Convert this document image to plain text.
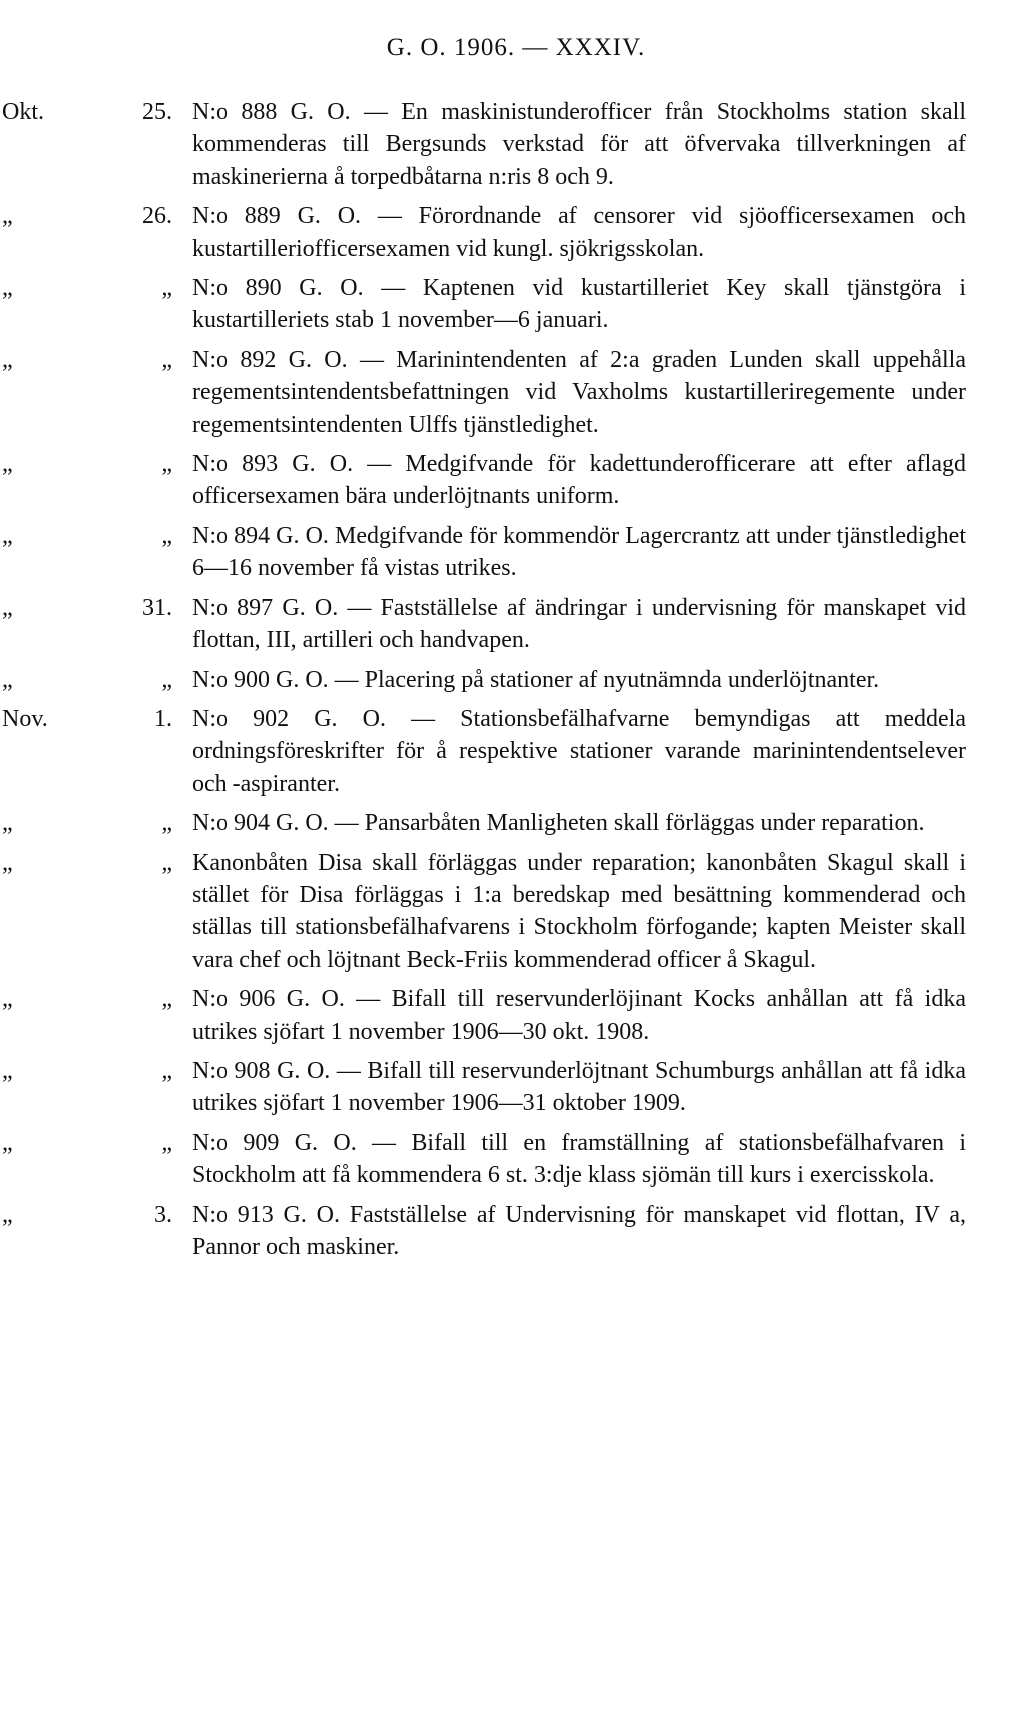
G. O. 1906. — XXXIV.
Okt.	25. N:o 888 G. O. — En maskinistunderofficer från Stockholms station skall kommenderas till Bergsunds verkstad för att öfvervaka tillverkningen af maskinerierna å torpedbåtarna n:ris 8 och 9.
„	26. N:o 889 G. O. — Förordnande af censorer vid sjöofficersexamen och kustartilleriofficersexamen vid kungl. sjökrigsskolan.
„	„ N:o 890 G. O. — Kaptenen vid kustartilleriet Key skall tjänstgöra i kustartilleriets stab 1 november—6 januari.
„	„ N:o 892 G. O. — Marinintendenten af 2:a graden Lunden skall uppehålla regementsintendentsbefattningen vid Vaxholms kustartilleriregemente under regementsintendenten Ulffs tjänstledighet.
„	„ N:o 893 G. O. — Medgifvande för kadettunderofficerare att efter aflagd officersexamen bära underlöjtnants uniform.
„	„ N:o 894 G. O. Medgifvande för kommendör Lagercrantz att under tjänstledighet 6—16 november få vistas utrikes.
„	31. N:o 897 G. O. — Fastställelse af ändringar i undervisning för manskapet vid flottan, III, artilleri och handvapen.
„	„ N:o 900 G. O. — Placering på stationer af nyutnämnda underlöjtnanter.
Nov.	1. N:o 902 G. O. — Stationsbefälhafvarne bemyndigas att meddela ordningsföreskrifter för å respektive stationer varande marinintendentselever och -aspiranter.
„	„ N:o 904 G. O. — Pansarbåten Manligheten skall förläggas under reparation.
„	„ Kanonbåten Disa skall förläggas under reparation; kanonbåten Skagul skall i stället för Disa förläggas i 1:a beredskap med besättning kommenderad och ställas till stationsbefälhafvarens i Stockholm förfogande; kapten Meister skall vara chef och löjtnant Beck-Friis kommenderad officer å Skagul.
„	„ N:o 906 G. O. — Bifall till reservunderlöjinant Kocks anhållan att få idka utrikes sjöfart 1 november 1906—30 okt. 1908.
„	„ N:o 908 G. O. — Bifall till reservunderlöjtnant Schumburgs anhållan att få idka utrikes sjöfart 1 november 1906—31 oktober 1909.
„	„ N:o 909 G. O. — Bifall till en framställning af stationsbefälhafvaren i Stockholm att få kommendera 6 st. 3:dje klass sjömän till kurs i exercisskola.
„	3. N:o 913 G. O. Fastställelse af Undervisning för manskapet vid flottan, IV a, Pannor och maskiner.
